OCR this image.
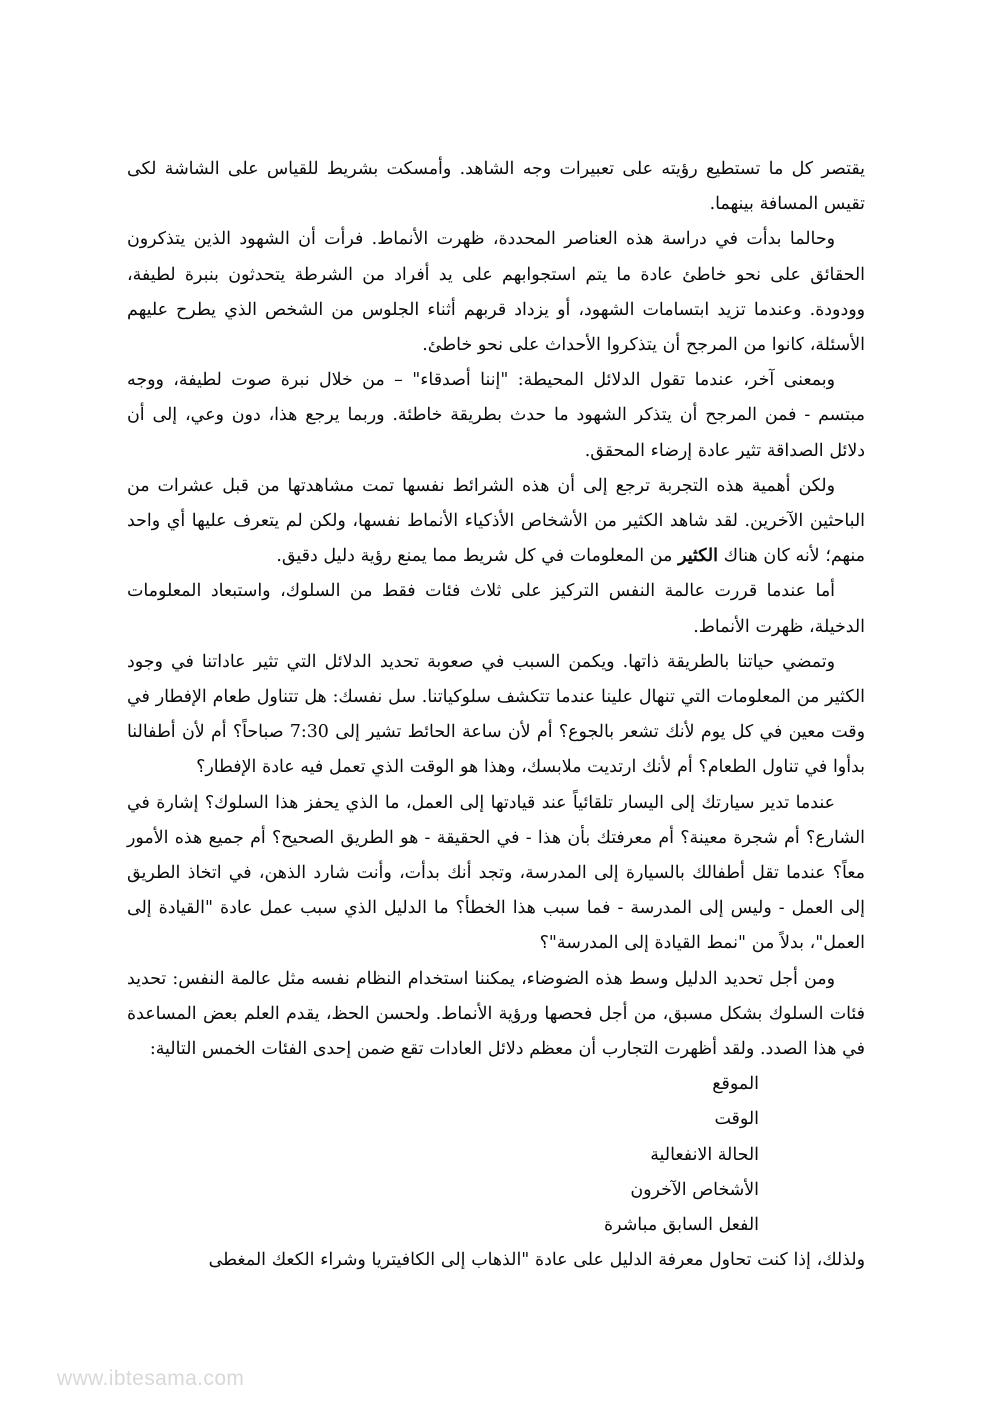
يقتصر كل ما تستطيع رؤيته على تعبيرات وجه الشاهد. وأمسكت بشريط للقياس على الشاشة لكى تقيس المسافة بينهما.

وحالما بدأت في دراسة هذه العناصر المحددة، ظهرت الأنماط. فرأت أن الشهود الذين يتذكرون الحقائق على نحو خاطئ عادة ما يتم استجوابهم على يد أفراد من الشرطة يتحدثون بنبرة لطيفة، وودودة. وعندما تزيد ابتسامات الشهود، أو يزداد قربهم أثناء الجلوس من الشخص الذي يطرح عليهم الأسئلة، كانوا من المرجح أن يتذكروا الأحداث على نحو خاطئ.

وبمعنى آخر، عندما تقول الدلائل المحيطة: "إننا أصدقاء" – من خلال نبرة صوت لطيفة، ووجه مبتسم - فمن المرجح أن يتذكر الشهود ما حدث بطريقة خاطئة. وربما يرجع هذا، دون وعي، إلى أن دلائل الصداقة تثير عادة إرضاء المحقق.

ولكن أهمية هذه التجربة ترجع إلى أن هذه الشرائط نفسها تمت مشاهدتها من قبل عشرات من الباحثين الآخرين. لقد شاهد الكثير من الأشخاص الأذكياء الأنماط نفسها، ولكن لم يتعرف عليها أي واحد منهم؛ لأنه كان هناك الكثير من المعلومات في كل شريط مما يمنع رؤية دليل دقيق.

أما عندما قررت عالمة النفس التركيز على ثلاث فئات فقط من السلوك، واستبعاد المعلومات الدخيلة، ظهرت الأنماط.

وتمضي حياتنا بالطريقة ذاتها. ويكمن السبب في صعوبة تحديد الدلائل التي تثير عاداتنا في وجود الكثير من المعلومات التي تنهال علينا عندما تتكشف سلوكياتنا. سل نفسك: هل تتناول طعام الإفطار في وقت معين في كل يوم لأنك تشعر بالجوع؟ أم لأن ساعة الحائط تشير إلى 7:30 صباحاً؟ أم لأن أطفالنا بدأوا في تناول الطعام؟ أم لأنك ارتديت ملابسك، وهذا هو الوقت الذي تعمل فيه عادة الإفطار؟

عندما تدير سيارتك إلى اليسار تلقائياً عند قيادتها إلى العمل، ما الذي يحفز هذا السلوك؟ إشارة في الشارع؟ أم شجرة معينة؟ أم معرفتك بأن هذا - في الحقيقة - هو الطريق الصحيح؟ أم جميع هذه الأمور معاً؟ عندما تقل أطفالك بالسيارة إلى المدرسة، وتجد أنك بدأت، وأنت شارد الذهن، في اتخاذ الطريق إلى العمل - وليس إلى المدرسة - فما سبب هذا الخطأ؟ ما الدليل الذي سبب عمل عادة "القيادة إلى العمل"، بدلاً من "نمط القيادة إلى المدرسة"؟

ومن أجل تحديد الدليل وسط هذه الضوضاء، يمكننا استخدام النظام نفسه مثل عالمة النفس: تحديد فئات السلوك بشكل مسبق، من أجل فحصها ورؤية الأنماط. ولحسن الحظ، يقدم العلم بعض المساعدة في هذا الصدد. ولقد أظهرت التجارب أن معظم دلائل العادات تقع ضمن إحدى الفئات الخمس التالية:

الموقع
الوقت
الحالة الانفعالية
الأشخاص الآخرون
الفعل السابق مباشرة

ولذلك، إذا كنت تحاول معرفة الدليل على عادة "الذهاب إلى الكافيتريا وشراء الكعك المغطى

www.ibtesama.com
